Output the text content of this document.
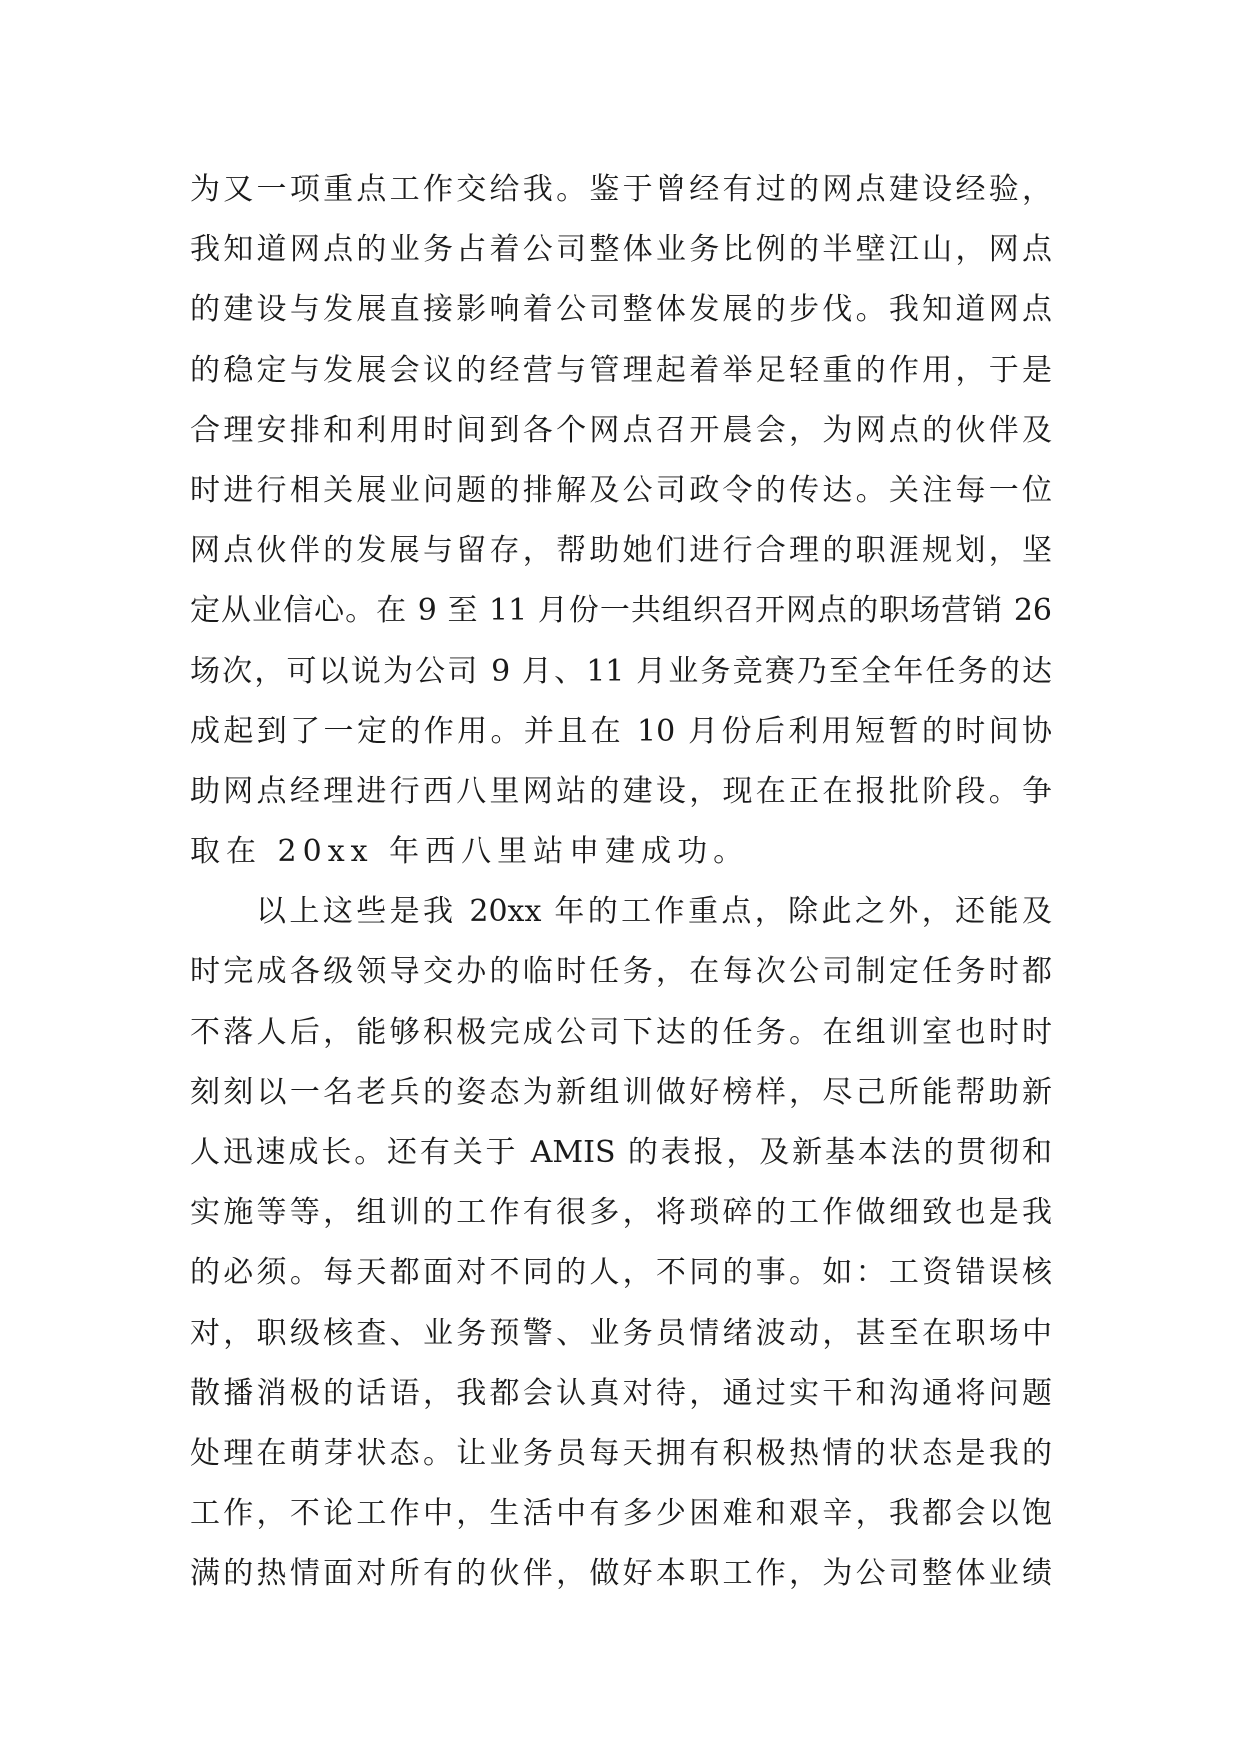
为又一项重点工作交给我。鉴于曾经有过的网点建设经验，
我知道网点的业务占着公司整体业务比例的半壁江山，网点
的建设与发展直接影响着公司整体发展的步伐。我知道网点
的稳定与发展会议的经营与管理起着举足轻重的作用，于是
合理安排和利用时间到各个网点召开晨会，为网点的伙伴及
时进行相关展业问题的排解及公司政令的传达。关注每一位
网点伙伴的发展与留存，帮助她们进行合理的职涯规划，坚
定从业信心。在 9 至 11 月份一共组织召开网点的职场营销 26
场次，可以说为公司 9 月、11 月业务竞赛乃至全年任务的达
成起到了一定的作用。并且在 10 月份后利用短暂的时间协
助网点经理进行西八里网站的建设，现在正在报批阶段。争
取在 20xx 年西八里站申建成功。
以上这些是我 20xx 年的工作重点，除此之外，还能及
时完成各级领导交办的临时任务，在每次公司制定任务时都
不落人后，能够积极完成公司下达的任务。在组训室也时时
刻刻以一名老兵的姿态为新组训做好榜样，尽己所能帮助新
人迅速成长。还有关于 AMIS 的表报，及新基本法的贯彻和
实施等等，组训的工作有很多，将琐碎的工作做细致也是我
的必须。每天都面对不同的人，不同的事。如：工资错误核
对，职级核查、业务预警、业务员情绪波动，甚至在职场中
散播消极的话语，我都会认真对待，通过实干和沟通将问题
处理在萌芽状态。让业务员每天拥有积极热情的状态是我的
工作，不论工作中，生活中有多少困难和艰辛，我都会以饱
满的热情面对所有的伙伴，做好本职工作，为公司整体业绩
